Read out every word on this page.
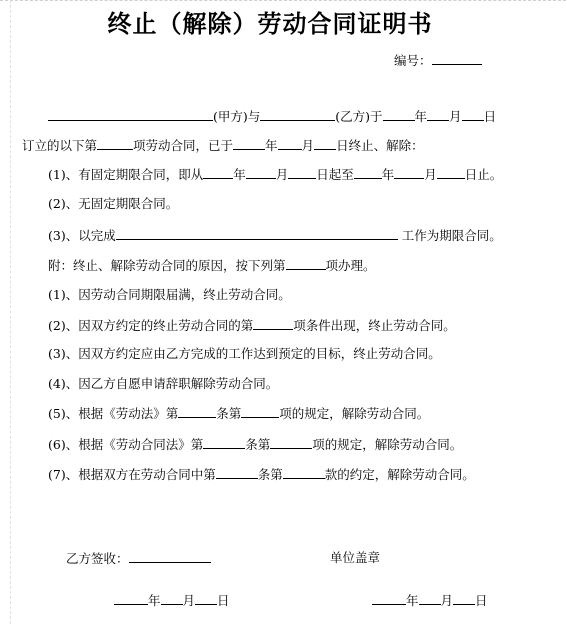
终止（解除）劳动合同证明书
编号：
(甲方)与	(乙方)于	年 月 日
订立的以下第	项劳动合同，已于	年 月 日终止、解除：
(1)、有固定期限合同，即从 年 月 日起至 年 月 日止。
(2)、无固定期限合同。
(3)、以完成	工作为期限合同。
附：终止、解除劳动合同的原因，按下列第	项办理。
(1)、因劳动合同期限届满，终止劳动合同。
(2)、因双方约定的终止劳动合同的第	项条件出现，终止劳动合同。
(3)、因双方约定应由乙方完成的工作达到预定的目标，终止劳动合同。
(4)、因乙方自愿申请辞职解除劳动合同。
(5)、根据《劳动法》第	条第	项的规定，解除劳动合同。
(6)、根据《劳动合同法》第	条第	项的规定，解除劳动合同。
(7)、根据双方在劳动合同中第	条第	款的约定，解除劳动合同。
乙方签收：	单位盖章
年 月 日	年 月 日
